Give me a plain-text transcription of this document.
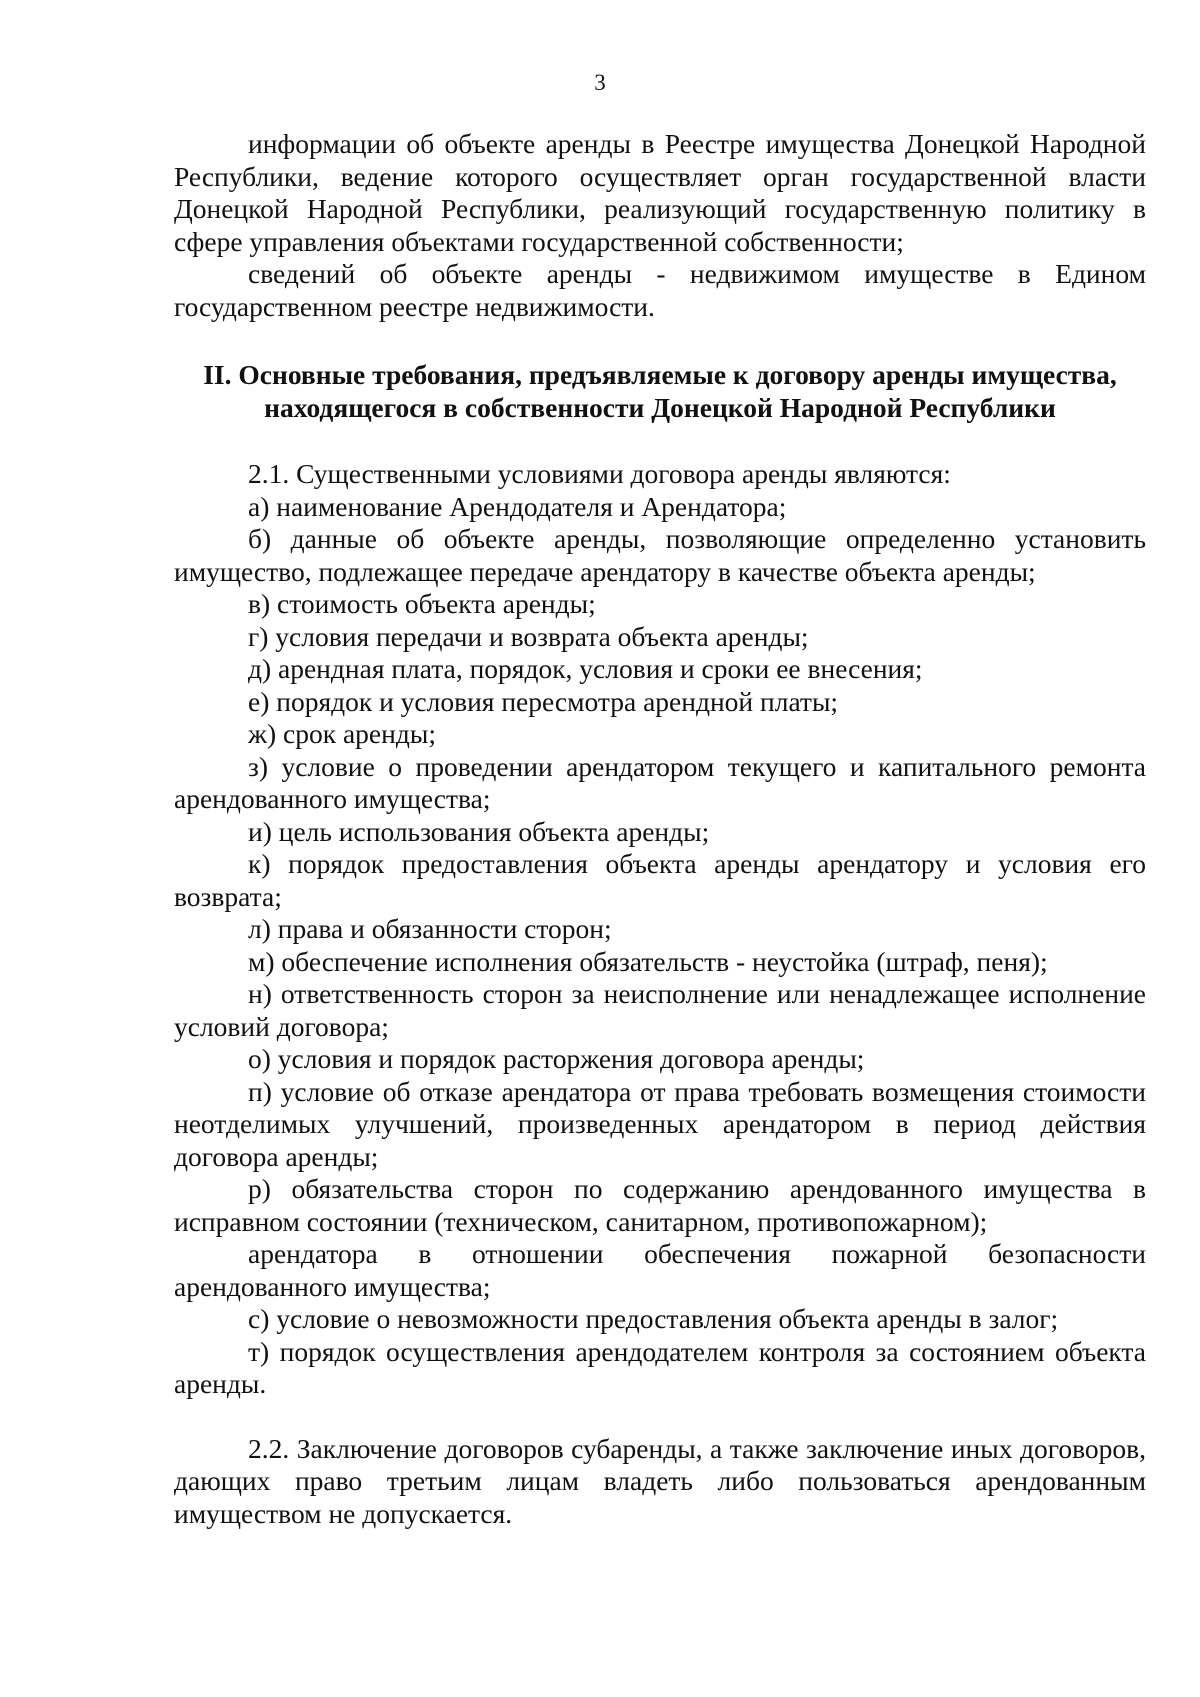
3

информации об объекте аренды в Реестре имущества Донецкой Народной Республики, ведение которого осуществляет орган государственной власти Донецкой Народной Республики, реализующий государственную политику в сфере управления объектами государственной собственности;

сведений об объекте аренды - недвижимом имуществе в Едином государственном реестре недвижимости.

II. Основные требования, предъявляемые к договору аренды имущества,
находящегося в собственности Донецкой Народной Республики

2.1. Существенными условиями договора аренды являются:

а) наименование Арендодателя и Арендатора;

б) данные об объекте аренды, позволяющие определенно установить имущество, подлежащее передаче арендатору в качестве объекта аренды;

в) стоимость объекта аренды;

г) условия передачи и возврата объекта аренды;

д) арендная плата, порядок, условия и сроки ее внесения;

е) порядок и условия пересмотра арендной платы;

ж) срок аренды;

з) условие о проведении арендатором текущего и капитального ремонта арендованного имущества;

и) цель использования объекта аренды;

к) порядок предоставления объекта аренды арендатору и условия его возврата;

л) права и обязанности сторон;

м) обеспечение исполнения обязательств - неустойка (штраф, пеня);

н) ответственность сторон за неисполнение или ненадлежащее исполнение условий договора;

о) условия и порядок расторжения договора аренды;

п) условие об отказе арендатора от права требовать возмещения стоимости неотделимых улучшений, произведенных арендатором в период действия договора аренды;

р) обязательства сторон по содержанию арендованного имущества в исправном состоянии (техническом, санитарном, противопожарном);

арендатора в отношении обеспечения пожарной безопасности арендованного имущества;

с) условие о невозможности предоставления объекта аренды в залог;

т) порядок осуществления арендодателем контроля за состоянием объекта аренды.

2.2. Заключение договоров субаренды, а также заключение иных договоров, дающих право третьим лицам владеть либо пользоваться арендованным имуществом не допускается.
